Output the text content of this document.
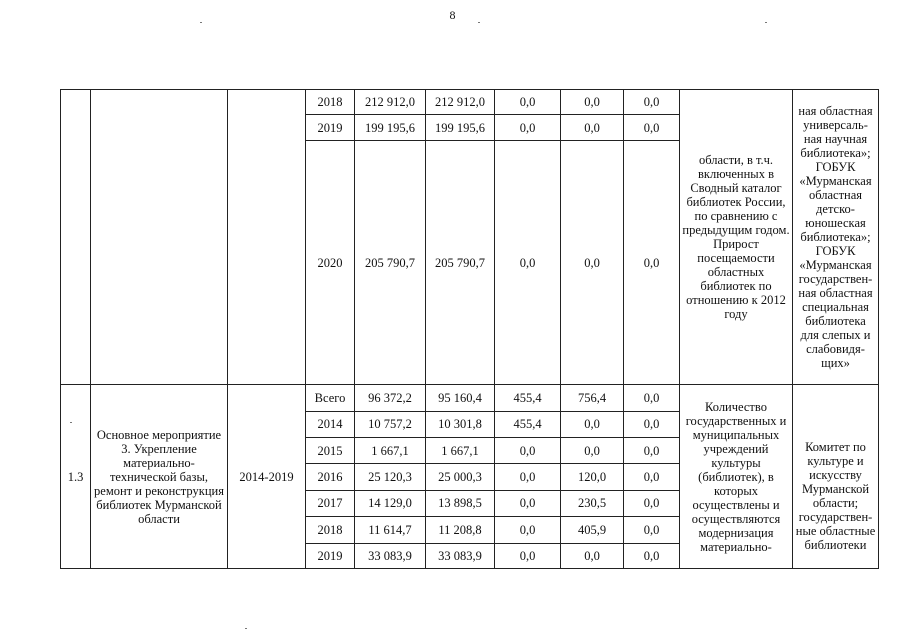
8
			2018	212 912,0	212 912,0	0,0	0,0	0,0	области, в т.ч. включенных в Сводный каталог библиотек России, по сравнению с предыдущим годом. Прирост посещаемости областных библиотек по отношению к 2012 году	ная областная универсаль-ная научная библиотека»; ГОБУК «Мурманская областная детско-юношеская библиотека»; ГОБУК «Мурманская государствен-ная областная специальная библиотека для слепых и слабовидя-щих»

			2019	199 195,6	199 195,6	0,0	0,0	0,0		
			2020	205 790,7	205 790,7	0,0	0,0	0,0		
1.3	Основное мероприятие 3. Укрепление материально-технической базы, ремонт и реконструкция библиотек Мурманской области	2014-2019	Всего	96 372,2	95 160,4	455,4	756,4	0,0	Количество государственных и муниципальных учреждений культуры (библиотек), в которых осуществлены и осуществляются модернизация материально-	Комитет по культуре и искусству Мурманской области; государствен-ные областные библиотеки

			2014	10 757,2	10 301,8	455,4	0,0	0,0		
			2015	1 667,1	1 667,1	0,0	0,0	0,0		
			2016	25 120,3	25 000,3	0,0	120,0	0,0		
			2017	14 129,0	13 898,5	0,0	230,5	0,0		
			2018	11 614,7	11 208,8	0,0	405,9	0,0		
			2019	33 083,9	33 083,9	0,0	0,0	0,0		
